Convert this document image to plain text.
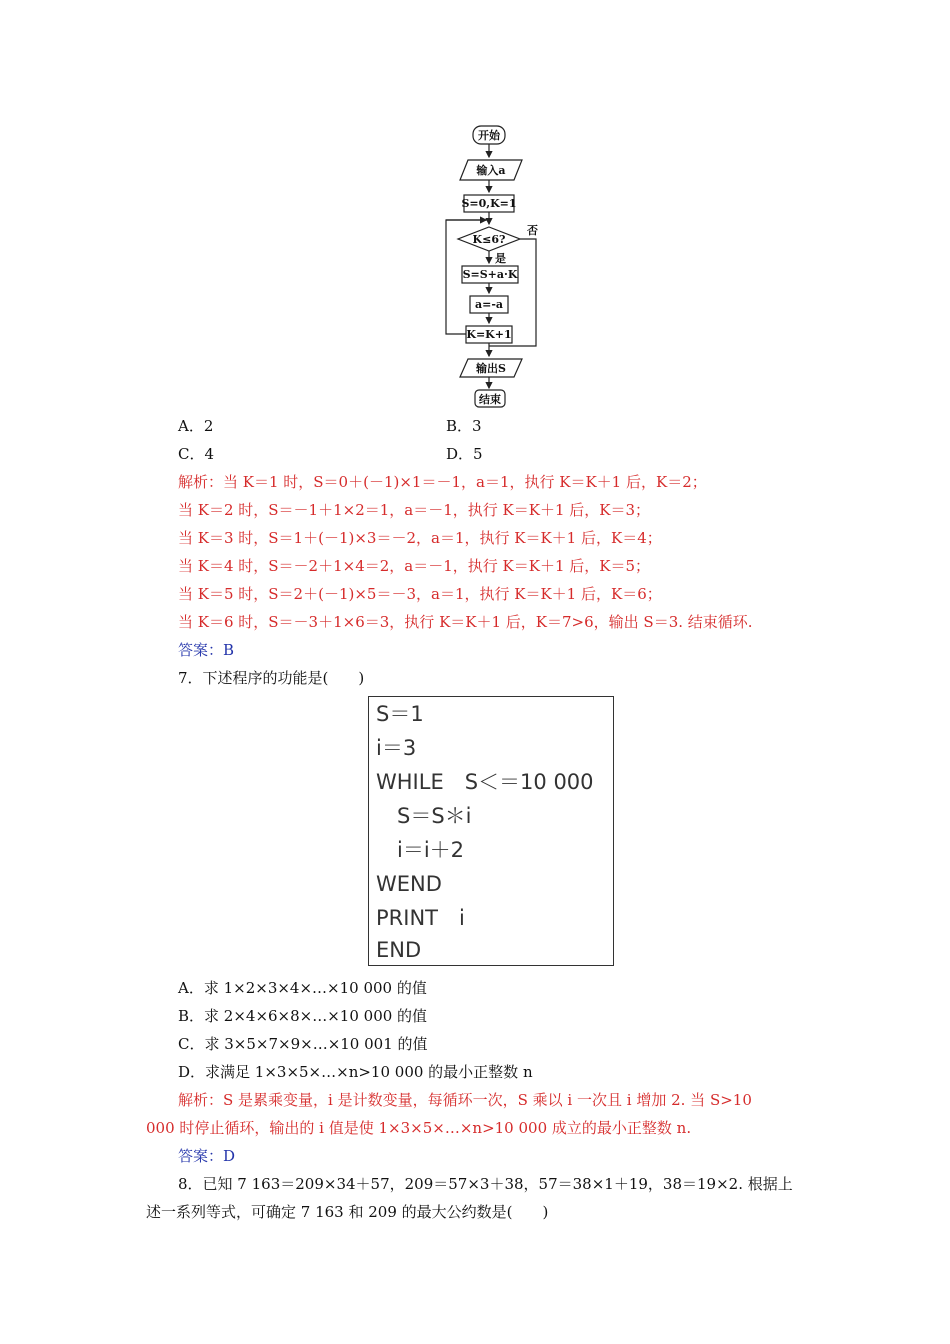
开始
输入a
S=0,K=1
K≤6?
否
是
S=S+a·K
a=-a
K=K+1
输出S
结束
A．2	B．3
C．4	D．5
解析：当 K＝1 时，S＝0＋(－1)×1＝－1，a＝1，执行 K＝K＋1 后，K＝2；
当 K＝2 时，S＝－1＋1×2＝1，a＝－1，执行 K＝K＋1 后，K＝3；
当 K＝3 时，S＝1＋(－1)×3＝－2，a＝1，执行 K＝K＋1 后，K＝4；
当 K＝4 时，S＝－2＋1×4＝2，a＝－1，执行 K＝K＋1 后，K＝5；
当 K＝5 时，S＝2＋(－1)×5＝－3，a＝1，执行 K＝K＋1 后，K＝6；
当 K＝6 时，S＝－3＋1×6＝3，执行 K＝K＋1 后，K＝7>6，输出 S＝3. 结束循环.
答案：B
7．下述程序的功能是(　　)
S＝1
i＝3
WHILE　S＜＝10 000
　S＝S＊i
　i＝i＋2
WEND
PRINT　i
END
A．求 1×2×3×4×…×10 000 的值
B．求 2×4×6×8×…×10 000 的值
C．求 3×5×7×9×…×10 001 的值
D．求满足 1×3×5×…×n>10 000 的最小正整数 n
解析：S 是累乘变量，i 是计数变量，每循环一次，S 乘以 i 一次且 i 增加 2. 当 S>10
000 时停止循环，输出的 i 值是使 1×3×5×…×n>10 000 成立的最小正整数 n.
答案：D
8．已知 7 163＝209×34＋57，209＝57×3＋38，57＝38×1＋19，38＝19×2. 根据上
述一系列等式，可确定 7 163 和 209 的最大公约数是(　　)
